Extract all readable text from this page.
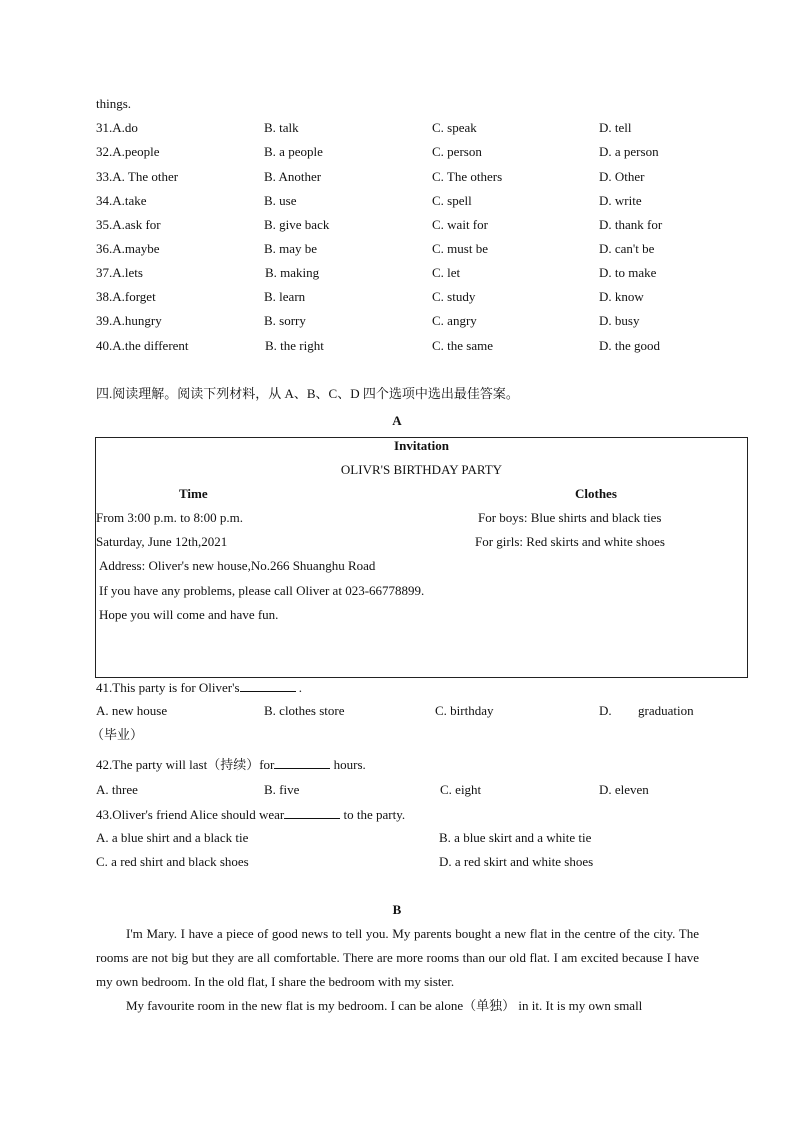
things.
31.A.do	B. talk	C. speak	D. tell
32.A.people	B. a people	C. person	D. a person
33.A. The other	B. Another	C. The others	D. Other
34.A.take	B. use	C. spell	D. write
35.A.ask for	B. give back	C. wait for	D. thank for
36.A.maybe	B. may be	C. must be	D. can't be
37.A.lets	B. making	C. let	D. to make
38.A.forget	B. learn	C. study	D. know
39.A.hungry	B. sorry	C. angry	D. busy
40.A.the different	B. the right	C. the same	D. the good
四.阅读理解。阅读下列材料，从 A、B、C、D 四个选项中选出最佳答案。
A
Invitation
OLIVR'S BIRTHDAY PARTY
Time	Clothes
From 3:00 p.m. to 8:00 p.m.	For boys: Blue shirts and black ties
Saturday, June 12th,2021	For girls: Red skirts and white shoes
Address: Oliver's new house,No.266 Shuanghu Road
If you have any problems, please call Oliver at 023-66778899.
Hope you will come and have fun.
41.This party is for Oliver's	.
A. new house	B. clothes store	C. birthday	D. graduation
（毕业）
42.The party will last（持续）for	hours.
A. three	B. five	C. eight	D. eleven
43.Oliver's friend Alice should wear	to the party.
A. a blue shirt and a black tie	B. a blue skirt and a white tie
C. a red shirt and black shoes	D. a red skirt and white shoes
B

I'm Mary. I have a piece of good news to tell you. My parents bought a new flat in the centre of the city. The rooms are not big but they are all comfortable. There are more rooms than our old flat. I am excited because I have my own bedroom. In the old flat, I share the bedroom with my sister.

My favourite room in the new flat is my bedroom. I can be alone（单独） in it. It is my own small
